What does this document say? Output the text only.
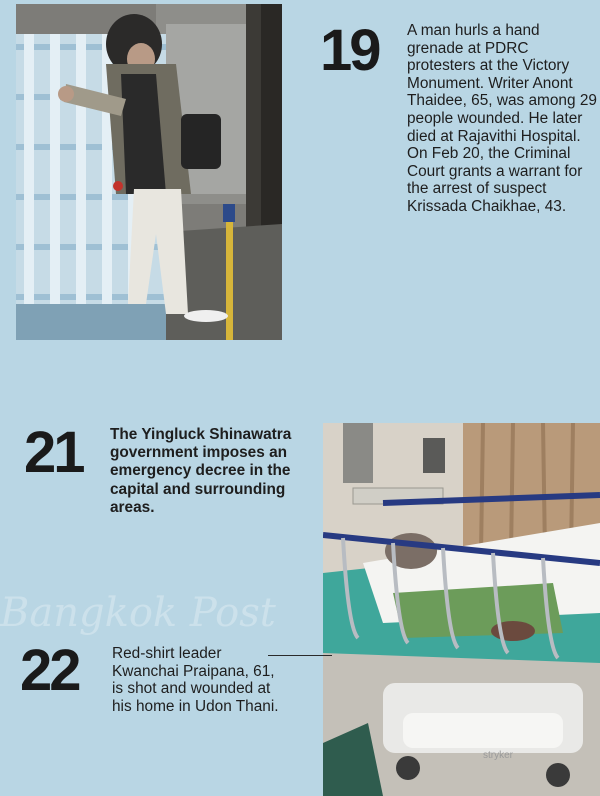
19 A man hurls a hand grenade at PDRC protesters at the Victory Monument. Writer Anont Thaidee, 65, was among 29 people wounded. He later died at Rajavithi Hospital. On Feb 20, the Criminal Court grants a warrant for the arrest of suspect Krissada Chaikhae, 43.
21 The Yingluck Shinawatra government imposes an emergency decree in the capital and surrounding areas.
stryker
22 Red-shirt leader Kwanchai Praipana, 61, is shot and wounded at his home in Udon Thani.
Bangkok Post
